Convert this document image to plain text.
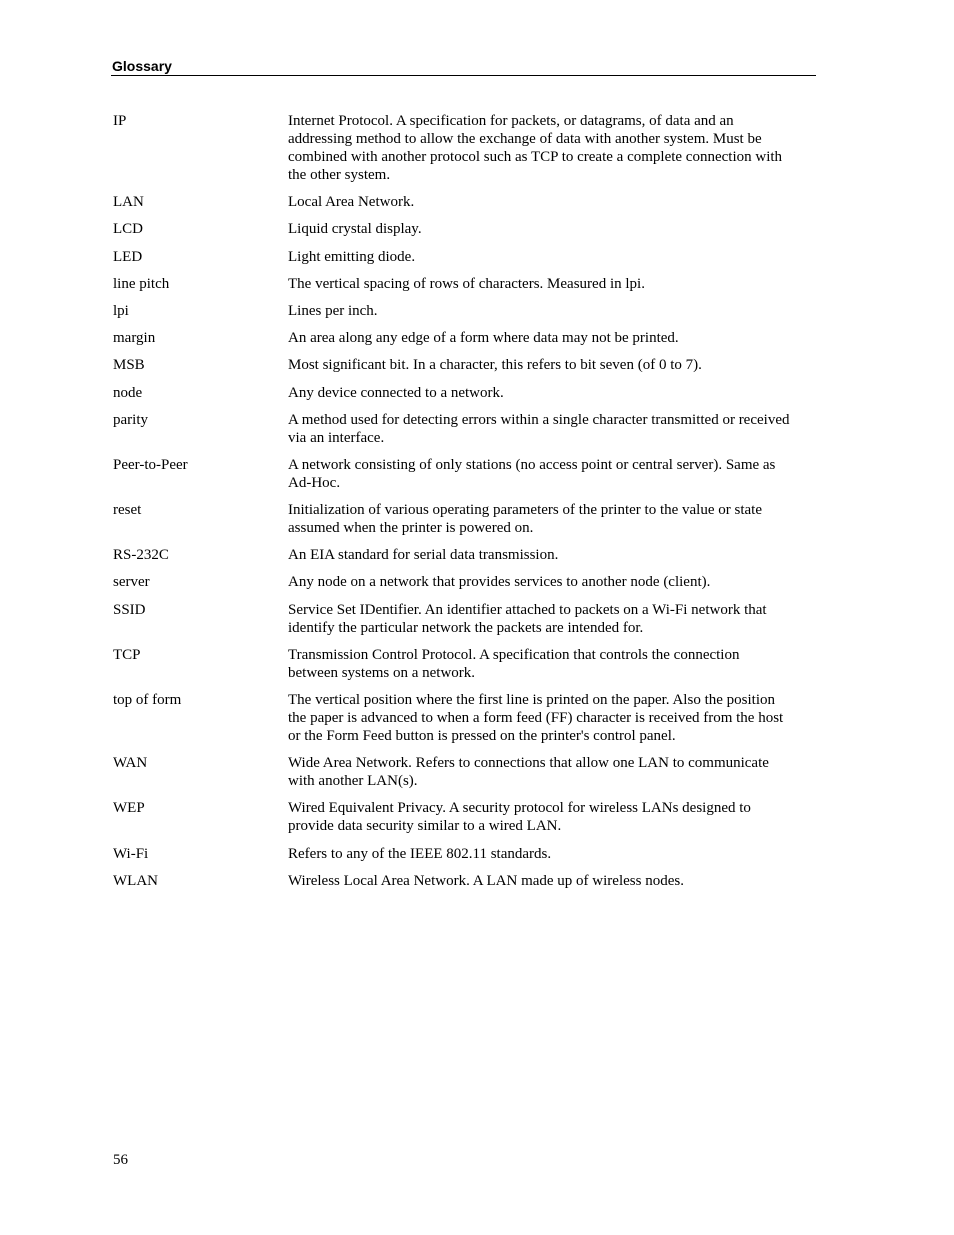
Glossary
IP	Internet Protocol. A specification for packets, or datagrams, of data and an addressing method to allow the exchange of data with another system. Must be combined with another protocol such as TCP to create a complete connection with the other system.
LAN	Local Area Network.
LCD	Liquid crystal display.
LED	Light emitting diode.
line pitch	The vertical spacing of rows of characters. Measured in lpi.
lpi	Lines per inch.
margin	An area along any edge of a form where data may not be printed.
MSB	Most significant bit. In a character, this refers to bit seven (of 0 to 7).
node	Any device connected to a network.
parity	A method used for detecting errors within a single character transmitted or received via an interface.
Peer-to-Peer	A network consisting of only stations (no access point or central server). Same as Ad-Hoc.
reset	Initialization of various operating parameters of the printer to the value or state assumed when the printer is powered on.
RS-232C	An EIA standard for serial data transmission.
server	Any node on a network that provides services to another node (client).
SSID	Service Set IDentifier. An identifier attached to packets on a Wi-Fi network that identify the particular network the packets are intended for.
TCP	Transmission Control Protocol. A specification that controls the connection between systems on a network.
top of form	The vertical position where the first line is printed on the paper. Also the position the paper is advanced to when a form feed (FF) character is received from the host or the Form Feed button is pressed on the printer's control panel.
WAN	Wide Area Network. Refers to connections that allow one LAN to communicate with another LAN(s).
WEP	Wired Equivalent Privacy. A security protocol for wireless LANs designed to provide data security similar to a wired LAN.
Wi-Fi	Refers to any of the IEEE 802.11 standards.
WLAN	Wireless Local Area Network. A LAN made up of wireless nodes.
56
